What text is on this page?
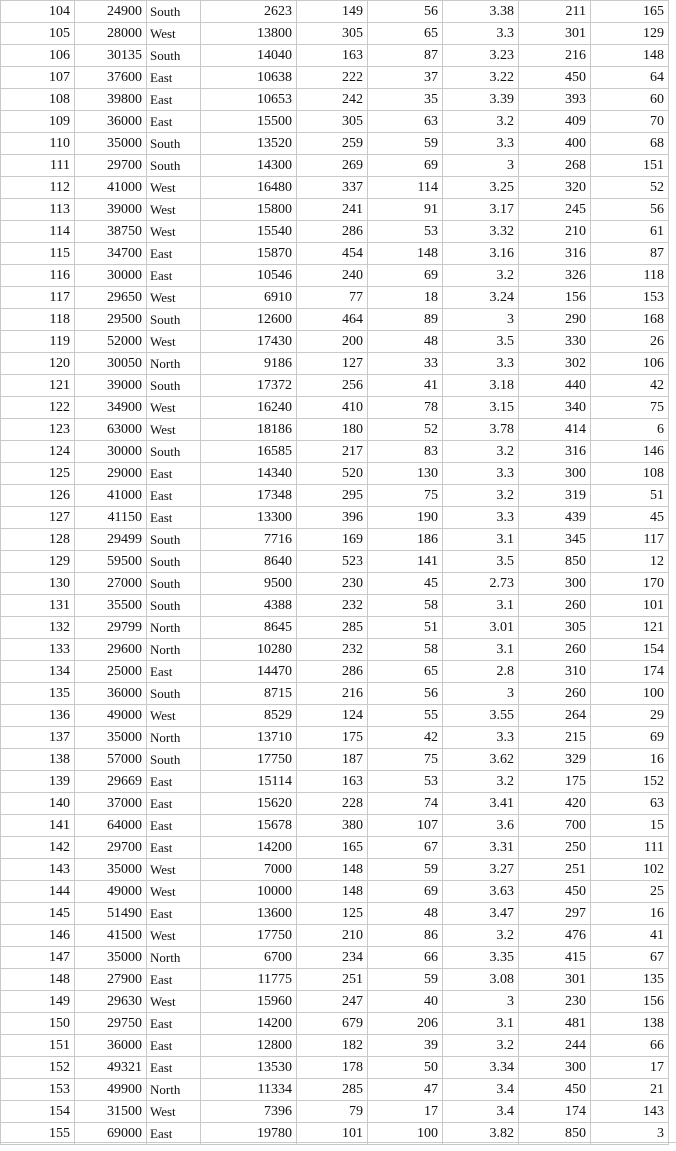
104	24900	South	2623	149	56	3.38	211	165
105	28000	West	13800	305	65	3.3	301	129
106	30135	South	14040	163	87	3.23	216	148
107	37600	East	10638	222	37	3.22	450	64
108	39800	East	10653	242	35	3.39	393	60
109	36000	East	15500	305	63	3.2	409	70
110	35000	South	13520	259	59	3.3	400	68
111	29700	South	14300	269	69	3	268	151
112	41000	West	16480	337	114	3.25	320	52
113	39000	West	15800	241	91	3.17	245	56
114	38750	West	15540	286	53	3.32	210	61
115	34700	East	15870	454	148	3.16	316	87
116	30000	East	10546	240	69	3.2	326	118
117	29650	West	6910	77	18	3.24	156	153
118	29500	South	12600	464	89	3	290	168
119	52000	West	17430	200	48	3.5	330	26
120	30050	North	9186	127	33	3.3	302	106
121	39000	South	17372	256	41	3.18	440	42
122	34900	West	16240	410	78	3.15	340	75
123	63000	West	18186	180	52	3.78	414	6
124	30000	South	16585	217	83	3.2	316	146
125	29000	East	14340	520	130	3.3	300	108
126	41000	East	17348	295	75	3.2	319	51
127	41150	East	13300	396	190	3.3	439	45
128	29499	South	7716	169	186	3.1	345	117
129	59500	South	8640	523	141	3.5	850	12
130	27000	South	9500	230	45	2.73	300	170
131	35500	South	4388	232	58	3.1	260	101
132	29799	North	8645	285	51	3.01	305	121
133	29600	North	10280	232	58	3.1	260	154
134	25000	East	14470	286	65	2.8	310	174
135	36000	South	8715	216	56	3	260	100
136	49000	West	8529	124	55	3.55	264	29
137	35000	North	13710	175	42	3.3	215	69
138	57000	South	17750	187	75	3.62	329	16
139	29669	East	15114	163	53	3.2	175	152
140	37000	East	15620	228	74	3.41	420	63
141	64000	East	15678	380	107	3.6	700	15
142	29700	East	14200	165	67	3.31	250	111
143	35000	West	7000	148	59	3.27	251	102
144	49000	West	10000	148	69	3.63	450	25
145	51490	East	13600	125	48	3.47	297	16
146	41500	West	17750	210	86	3.2	476	41
147	35000	North	6700	234	66	3.35	415	67
148	27900	East	11775	251	59	3.08	301	135
149	29630	West	15960	247	40	3	230	156
150	29750	East	14200	679	206	3.1	481	138
151	36000	East	12800	182	39	3.2	244	66
152	49321	East	13530	178	50	3.34	300	17
153	49900	North	11334	285	47	3.4	450	21
154	31500	West	7396	79	17	3.4	174	143
155	69000	East	19780	101	100	3.82	850	3
